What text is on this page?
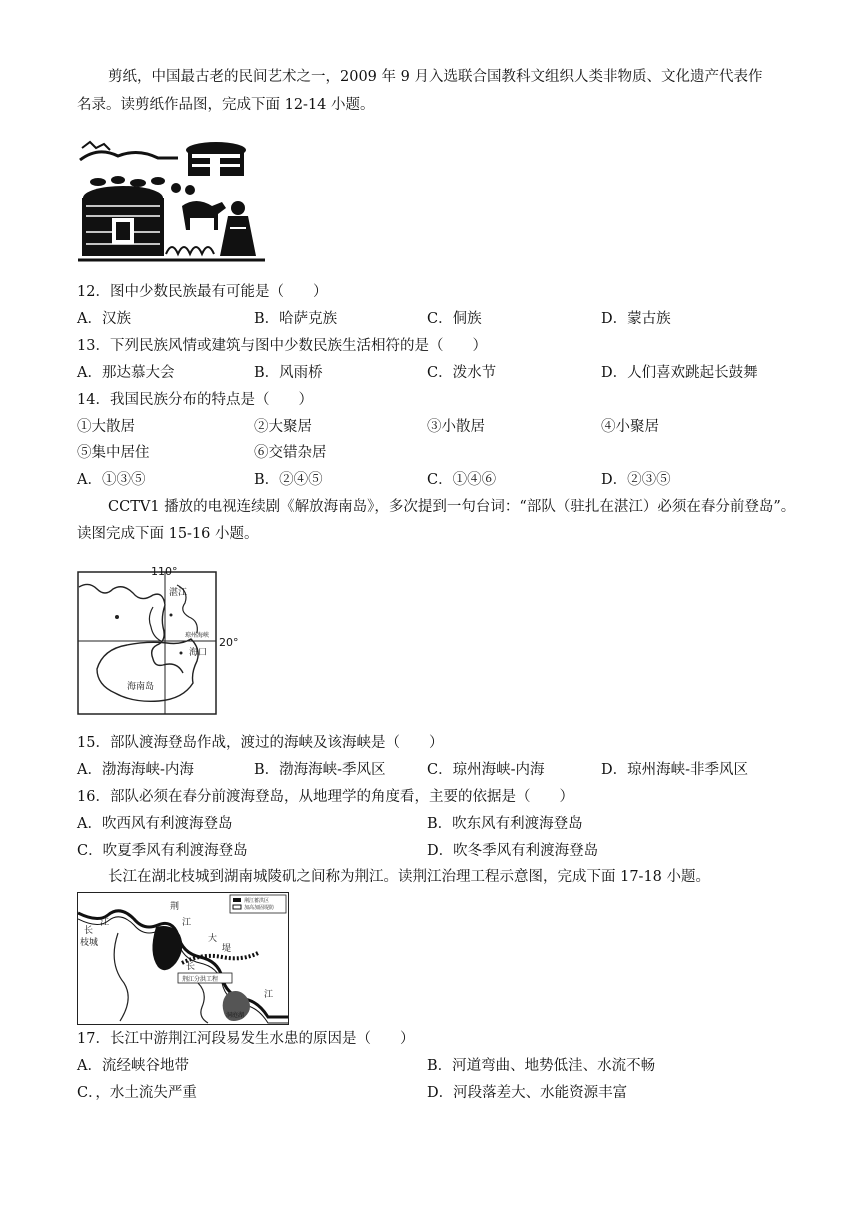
剪纸，中国最古老的民间艺术之一，2009 年 9 月入选联合国教科文组织人类非物质、文化遗产代表作
名录。读剪纸作品图，完成下面 12-14 小题。
12．图中少数民族最有可能是（　　）
A．汉族	B．哈萨克族	C．侗族	D．蒙古族
13．下列民族风情或建筑与图中少数民族生活相符的是（　　）
A．那达慕大会	B．风雨桥	C．泼水节	D．人们喜欢跳起长鼓舞
14．我国民族分布的特点是（　　）
①大散居	②大聚居	③小散居	④小聚居
⑤集中居住	⑥交错杂居
A．①③⑤	B．②④⑤	C．①④⑥	D．②③⑤
CCTV1 播放的电视连续剧《解放海南岛》，多次提到一句台词：“部队（驻扎在湛江）必须在春分前登岛”。
读图完成下面 15-16 小题。
110°
20°
湛江
琼州海峡
海口
海南岛
15．部队渡海登岛作战，渡过的海峡及该海峡是（　　）
A．渤海海峡-内海	B．渤海海峡-季风区	C．琼州海峡-内海	D．琼州海峡-非季风区
16．部队必须在春分前渡海登岛，从地理学的角度看，主要的依据是（　　）
A．吹西风有利渡海登岛	B．吹东风有利渡海登岛
C．吹夏季风有利渡海登岛	D．吹冬季风有利渡海登岛
长江在湖北枝城到湖南城陵矶之间称为荆江。读荆江治理工程示意图，完成下面 17-18 小题。
荆江蓄洪区
加高加固堤防
荆江分洪工程
长
江
枝城
荆
江
大
堤
长
江
洞庭湖
17．长江中游荆江河段易发生水患的原因是（　　）
A．流经峡谷地带	B．河道弯曲、地势低洼、水流不畅
C．，水土流失严重	D．河段落差大、水能资源丰富
